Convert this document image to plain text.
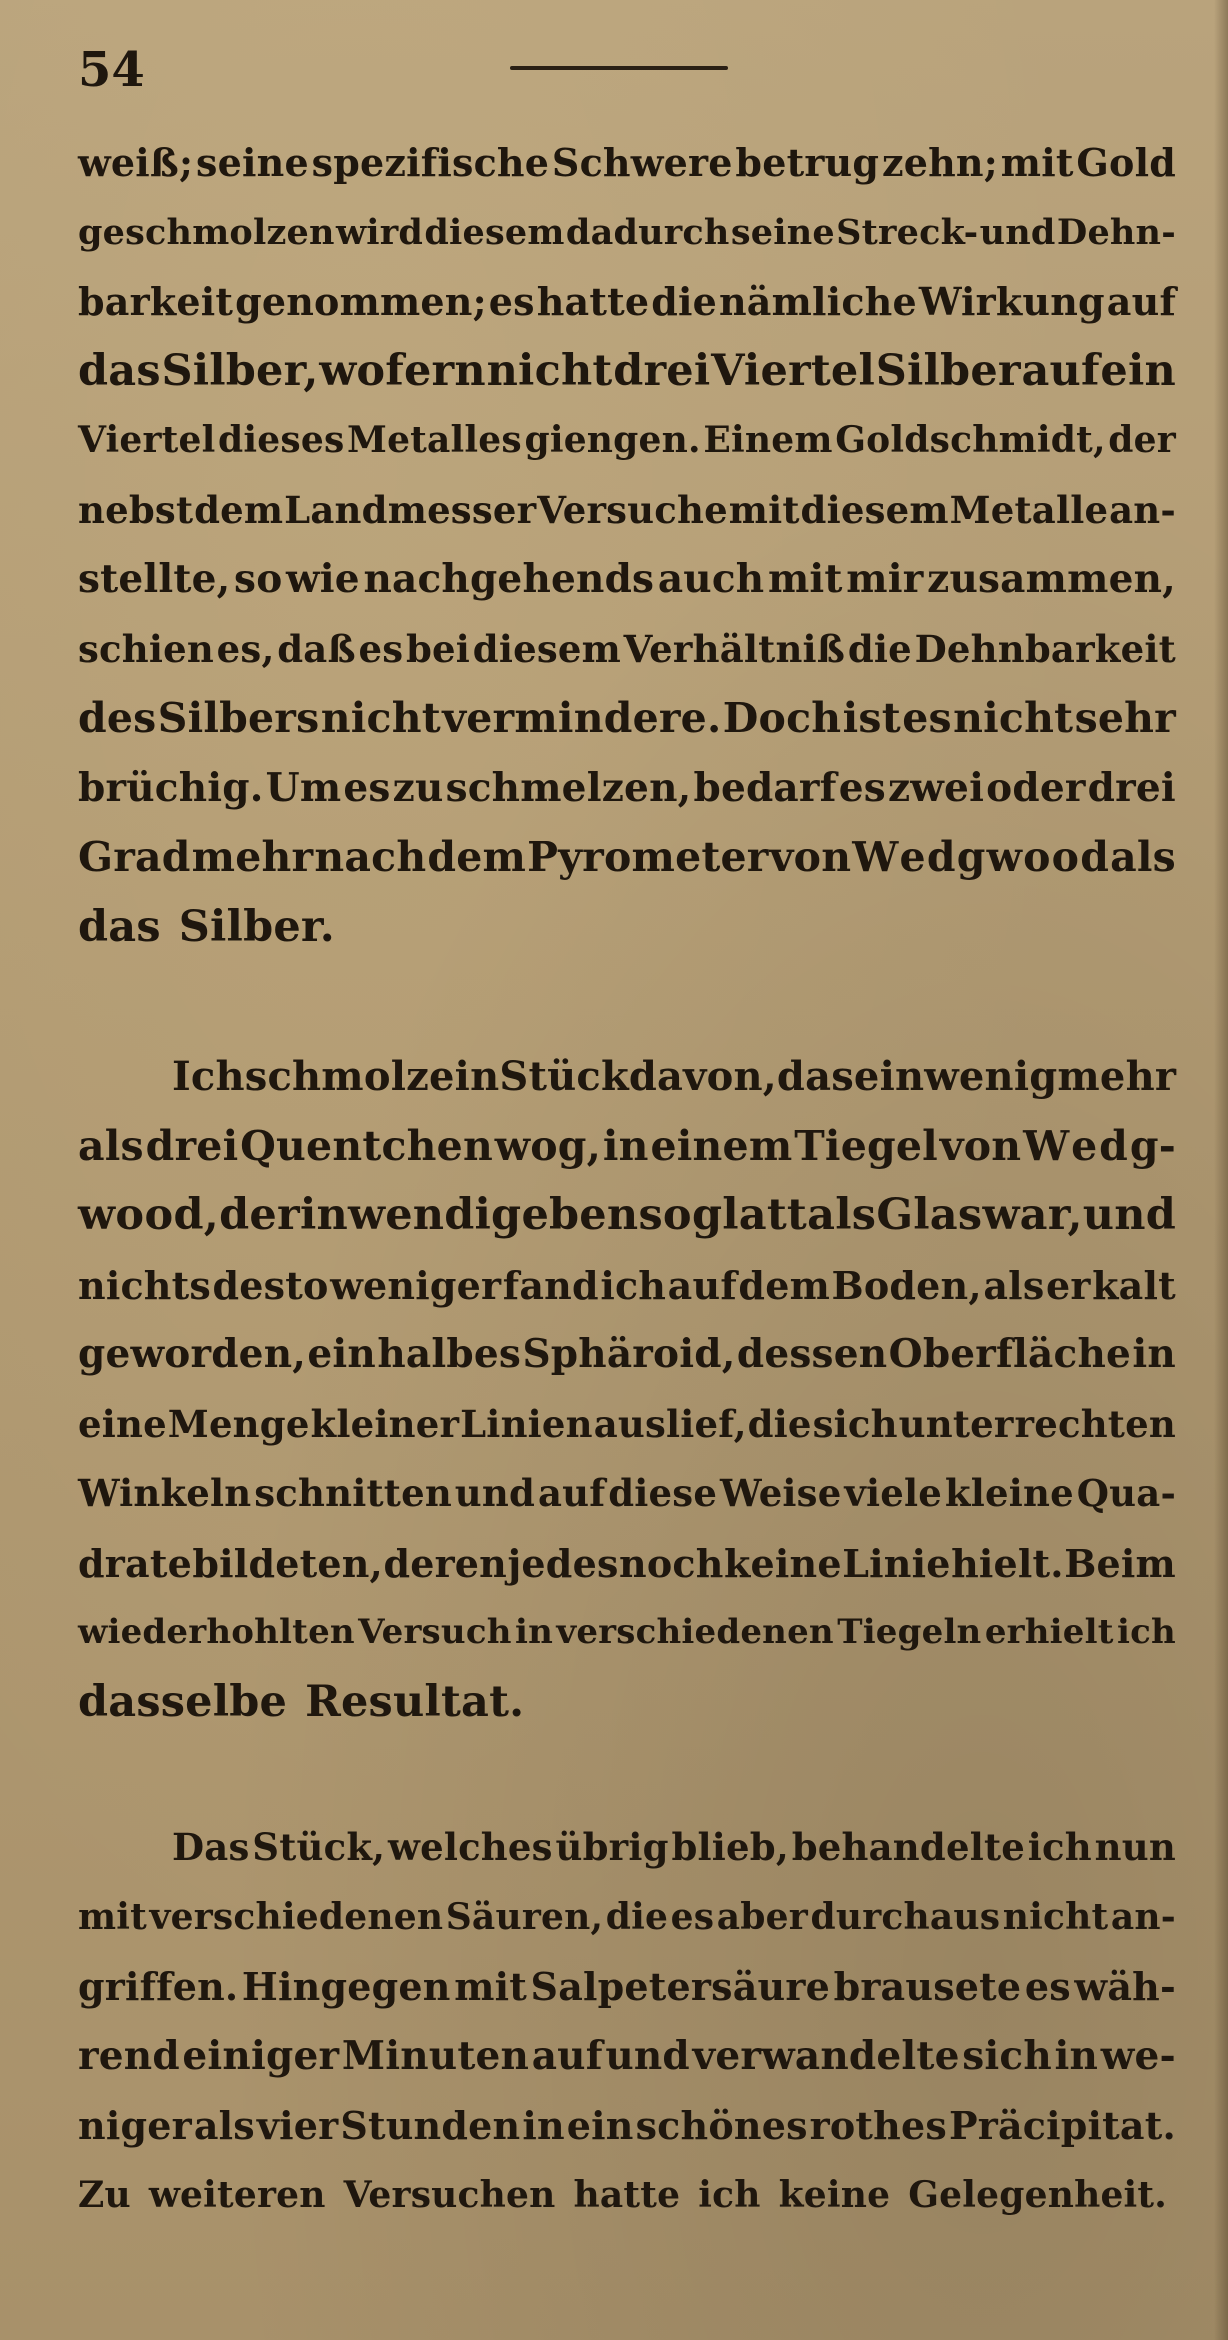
54
weiß; seine spezifische Schwere betrug zehn; mit Gold
geschmolzen wird diesem dadurch seine Streck- und Dehn-
barkeit genommen; es hatte die nämliche Wirkung auf
das Silber, wofern nicht drei Viertel Silber auf ein
Viertel dieses Metalles giengen. Einem Goldschmidt, der
nebst dem Landmesser Versuche mit diesem Metalle an-
stellte, so wie nachgehends auch mit mir zusammen,
schien es, daß es bei diesem Verhältniß die Dehnbarkeit
des Silbers nicht vermindere. Doch ist es nicht sehr
brüchig. Um es zu schmelzen, bedarf es zwei oder drei
Grad mehr nach dem Pyrometer von W e d g w o o d als
das Silber.
Ich schmolz ein Stück davon, das ein wenig mehr
als drei Quentchen wog, in einem Tiegel von W e d g-
w o o d, der inwendig eben so glatt als Glas war, und
nichts desto weniger fand ich auf dem Boden, als er kalt
geworden, ein halbes Sphäroid, dessen Oberfläche in
eine Menge kleiner Linien auslief, die sich unter rechten
Winkeln schnitten und auf diese Weise viele kleine Qua-
drate bildeten, deren jedes noch keine Linie hielt. Beim
wiederhohlten Versuch in verschiedenen Tiegeln erhielt ich
dasselbe Resultat.
Das Stück, welches übrig blieb, behandelte ich nun
mit verschiedenen Säuren, die es aber durchaus nicht an-
griffen. Hingegen mit Salpetersäure brausete es wäh-
rend einiger Minuten auf und verwandelte sich in we-
niger als vier Stunden in ein schönes rothes Präcipitat.
Zu weiteren Versuchen hatte ich keine Gelegenheit.
